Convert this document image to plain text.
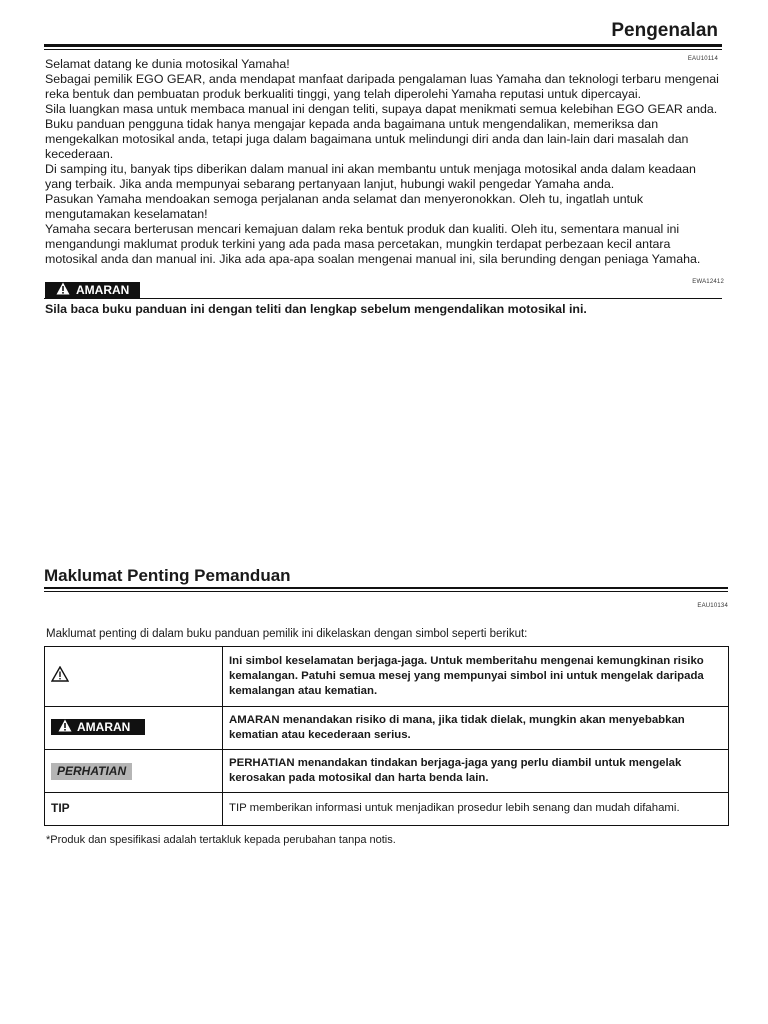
Pengenalan
EAU10114

Selamat datang ke dunia motosikal Yamaha!

Sebagai pemilik EGO GEAR, anda mendapat manfaat daripada pengalaman luas Yamaha dan teknologi terbaru mengenai reka bentuk dan pembuatan produk berkualiti tinggi, yang telah diperolehi Yamaha reputasi untuk dipercayai.

Sila luangkan masa untuk membaca manual ini dengan teliti, supaya dapat menikmati semua kelebihan EGO GEAR anda. Buku panduan pengguna tidak hanya mengajar kepada anda bagaimana untuk mengendalikan, memeriksa dan mengekalkan motosikal anda, tetapi juga dalam bagaimana untuk melindungi diri anda dan lain-lain dari masalah dan kecederaan.

Di samping itu, banyak tips diberikan dalam manual ini akan membantu untuk menjaga motosikal anda dalam keadaan yang terbaik. Jika anda mempunyai sebarang pertanyaan lanjut, hubungi wakil pengedar Yamaha anda.

Pasukan Yamaha mendoakan semoga perjalanan anda selamat dan menyeronokkan. Oleh tu, ingatlah untuk mengutamakan keselamatan!

Yamaha secara berterusan mencari kemajuan dalam reka bentuk produk dan kualiti. Oleh itu, sementara manual ini mengandungi maklumat produk terkini yang ada pada masa percetakan, mungkin terdapat perbezaan kecil antara motosikal anda dan manual ini. Jika ada apa-apa soalan mengenai manual ini, sila berunding dengan peniaga Yamaha.

EWA12412
AMARAN
Sila baca buku panduan ini dengan teliti dan lengkap sebelum mengendalikan motosikal ini.
Maklumat Penting Pemanduan
EAU10134
Maklumat penting di dalam buku panduan pemilik ini dikelaskan dengan simbol seperti berikut:
	Ini simbol keselamatan berjaga-jaga. Untuk memberitahu mengenai kemungkinan risiko kemalangan. Patuhi semua mesej yang mempunyai simbol ini untuk mengelak daripada kemalangan atau kematian.

AMARAN	AMARAN menandakan risiko di mana, jika tidak dielak, mungkin akan menyebabkan kematian atau kecederaan serius.
PERHATIAN	PERHATIAN menandakan tindakan berjaga-jaga yang perlu diambil untuk mengelak kerosakan pada motosikal dan harta benda lain.
TIP	TIP memberikan informasi untuk menjadikan prosedur lebih senang dan mudah difahami.
*Produk dan spesifikasi adalah tertakluk kepada perubahan tanpa notis.
